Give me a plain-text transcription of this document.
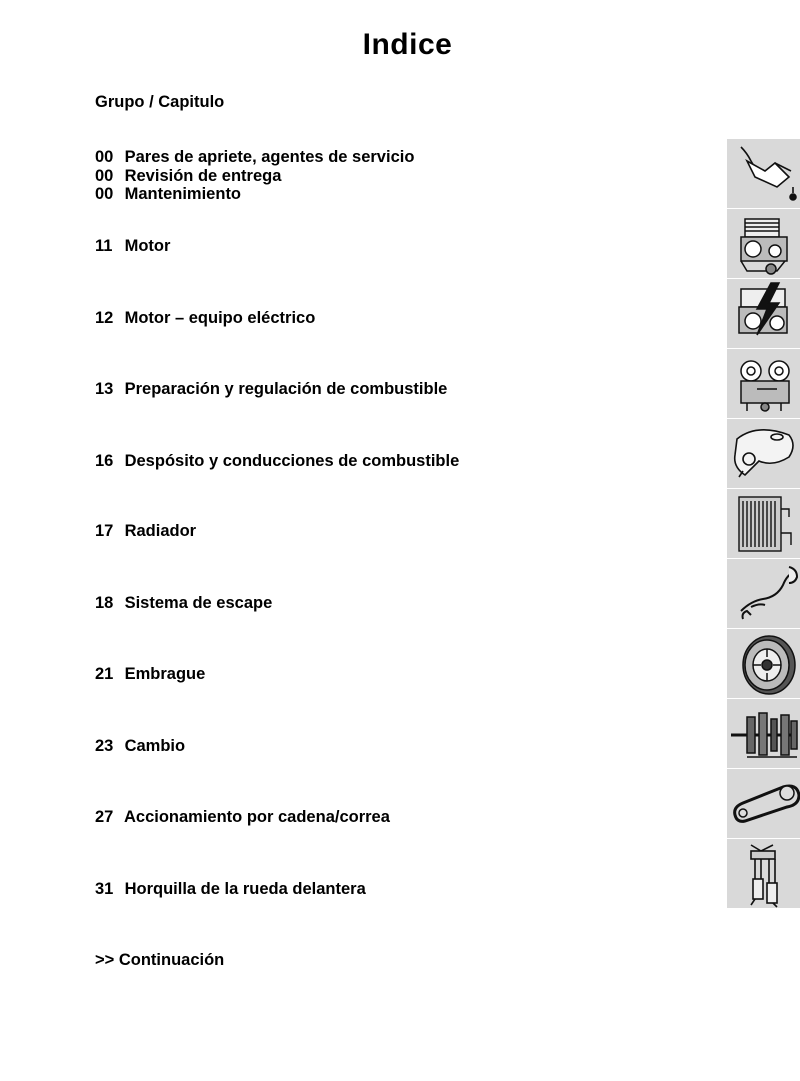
Indice
Grupo / Capitulo
00 Pares de apriete, agentes de servicio
00 Revisión de entrega
00 Mantenimiento
11 Motor
12 Motor – equipo eléctrico
13 Preparación y regulación de combustible
16 Despósito y conducciones de combustible
17 Radiador
18 Sistema de escape
21 Embrague
23 Cambio
27 Accionamiento por cadena/correa
31 Horquilla de la rueda delantera
>> Continuación
